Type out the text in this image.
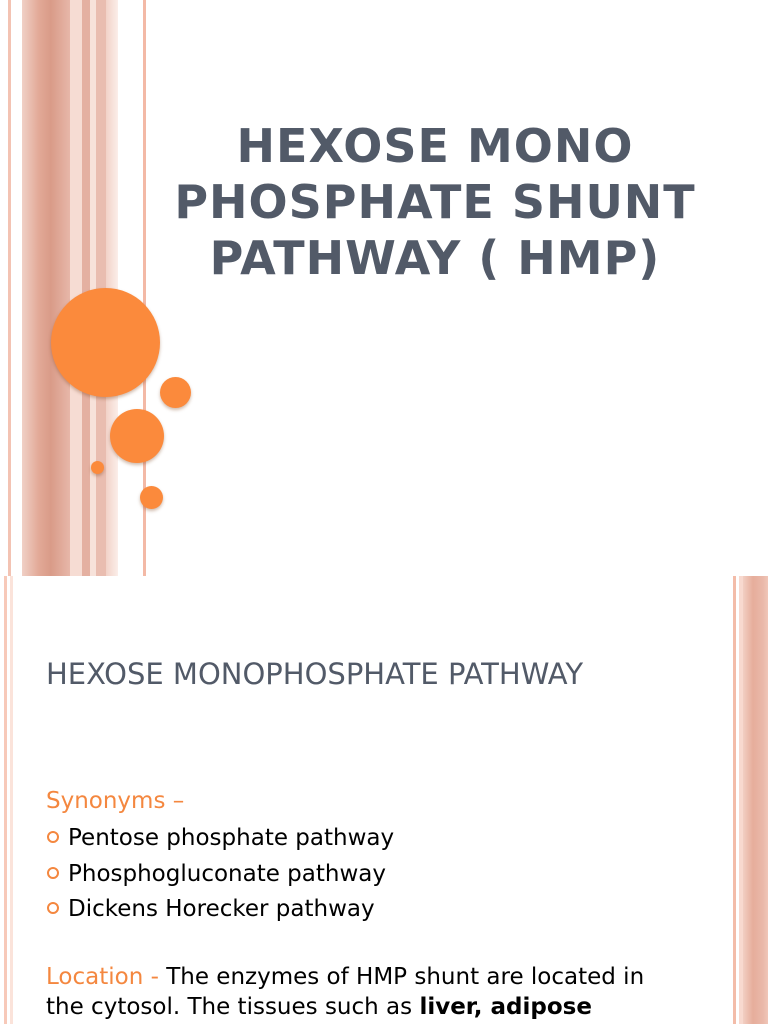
HEXOSE MONO
PHOSPHATE SHUNT
PATHWAY ( HMP)
HEXOSE MONOPHOSPHATE PATHWAY
Synonyms –
Pentose phosphate pathway
Phosphogluconate pathway
Dickens Horecker pathway

Location - The enzymes of HMP shunt are located in the cytosol. The tissues such as liver, adipose
